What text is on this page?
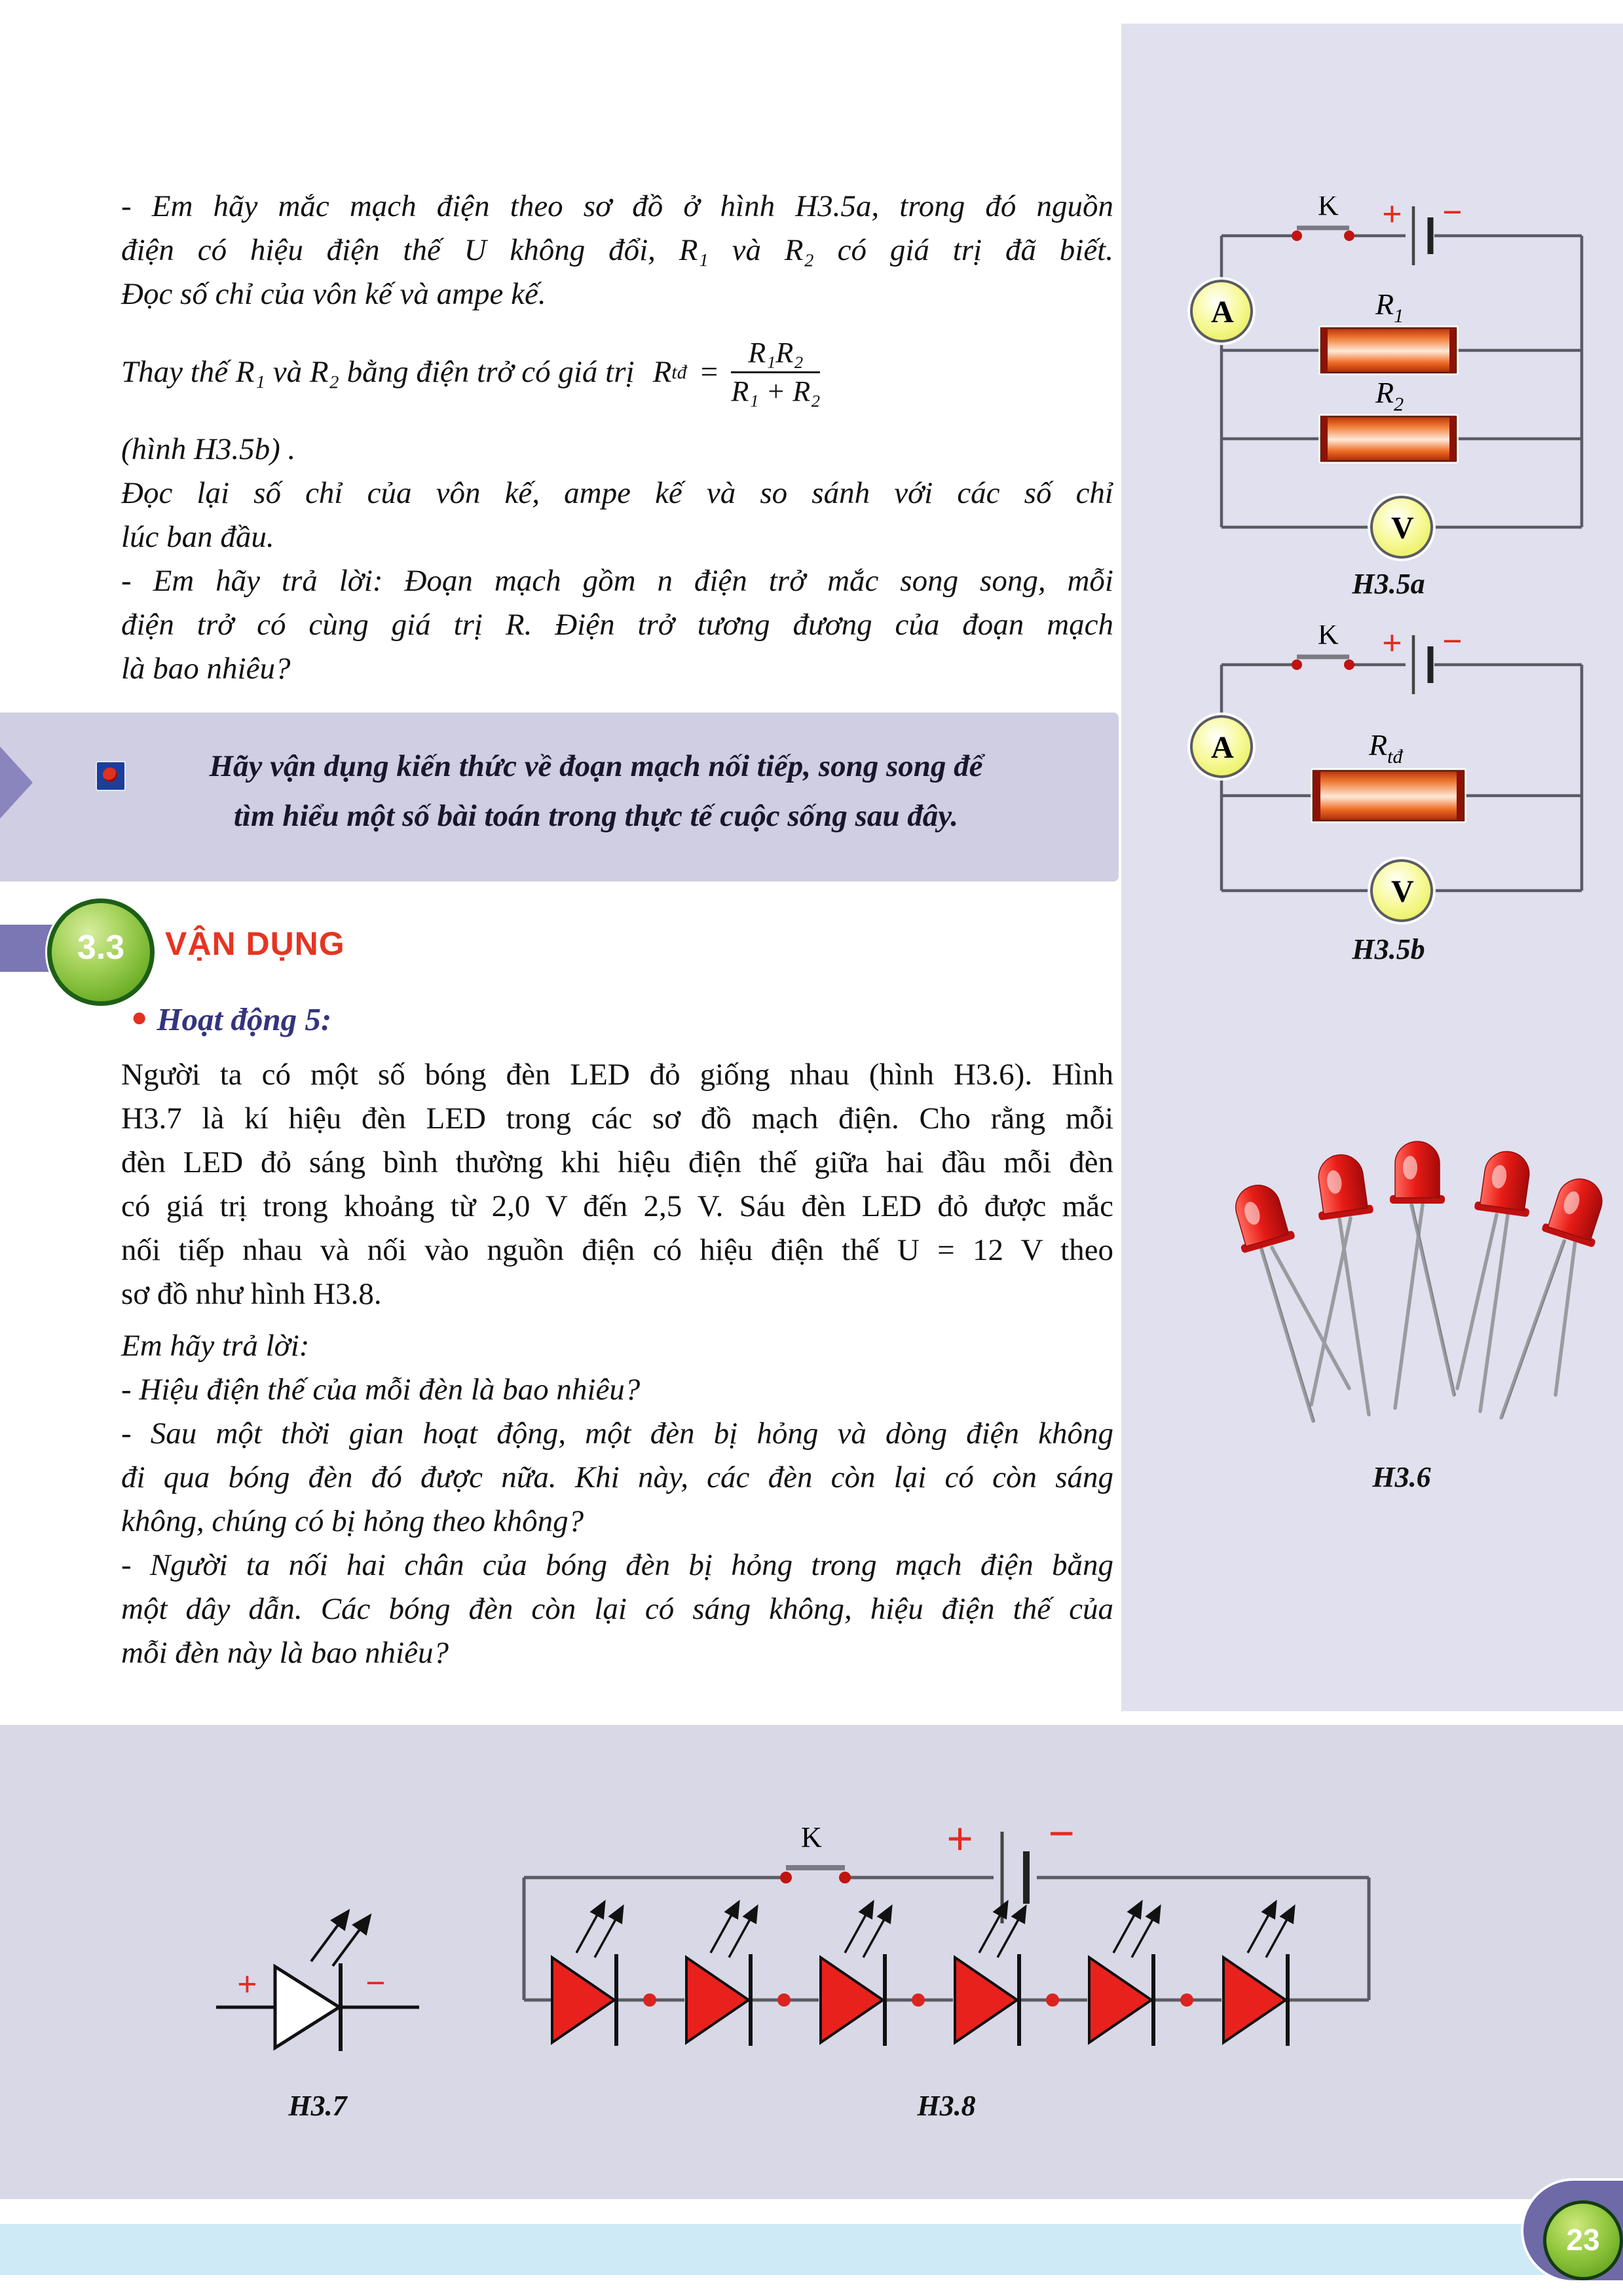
- Em hãy mắc mạch điện theo sơ đồ ở hình H3.5a, trong đó nguồn
điện có hiệu điện thế U không đổi, R₁ và R₂ có giá trị đã biết.
Đọc số chỉ của vôn kế và ampe kế.
Thay thế R₁ và R₂ bằng điện trở có giá trị R tđ = $\frac{\text{R₁R₂}}{\text{R₁ + R₂}}$
(hình H3.5b) .
Đọc lại số chỉ của vôn kế, ampe kế và so sánh với các số chỉ
lúc ban đầu.
- Em hãy trả lời: Đoạn mạch gồm n điện trở mắc song song, mỗi
điện trở có cùng giá trị R. Điện trở tương đương của đoạn mạch
là bao nhiêu?
Hãy vận dụng kiến thức về đoạn mạch nối tiếp, song song để
tìm hiểu một số bài toán trong thực tế cuộc sống sau đây.
3.3	VẬN DỤNG
● Hoạt động 5:
Người ta có một số bóng đèn LED đỏ giống nhau (hình H3.6). Hình
H3.7 là kí hiệu đèn LED trong các sơ đồ mạch điện. Cho rằng mỗi
đèn LED đỏ sáng bình thường khi hiệu điện thế giữa hai đầu mỗi đèn
có giá trị trong khoảng từ 2,0 V đến 2,5 V. Sáu đèn LED đỏ được mắc
nối tiếp nhau và nối vào nguồn điện có hiệu điện thế U = 12 V theo
sơ đồ như hình H3.8.
Em hãy trả lời:
- Hiệu điện thế của mỗi đèn là bao nhiêu?
- Sau một thời gian hoạt động, một đèn bị hỏng và dòng điện không
đi qua bóng đèn đó được nữa. Khi này, các đèn còn lại có còn sáng
không, chúng có bị hỏng theo không?
- Người ta nối hai chân của bóng đèn bị hỏng trong mạch điện bằng
một dây dẫn. Các bóng đèn còn lại có sáng không, hiệu điện thế của
mỗi đèn này là bao nhiêu?
K + −
A	$R_1$
$R_2$
V
H3.5a
K + −
A	$R_{tđ}$
V
H3.5b
H3.6
+	−
H3.7
K	+ −
H3.8
23
